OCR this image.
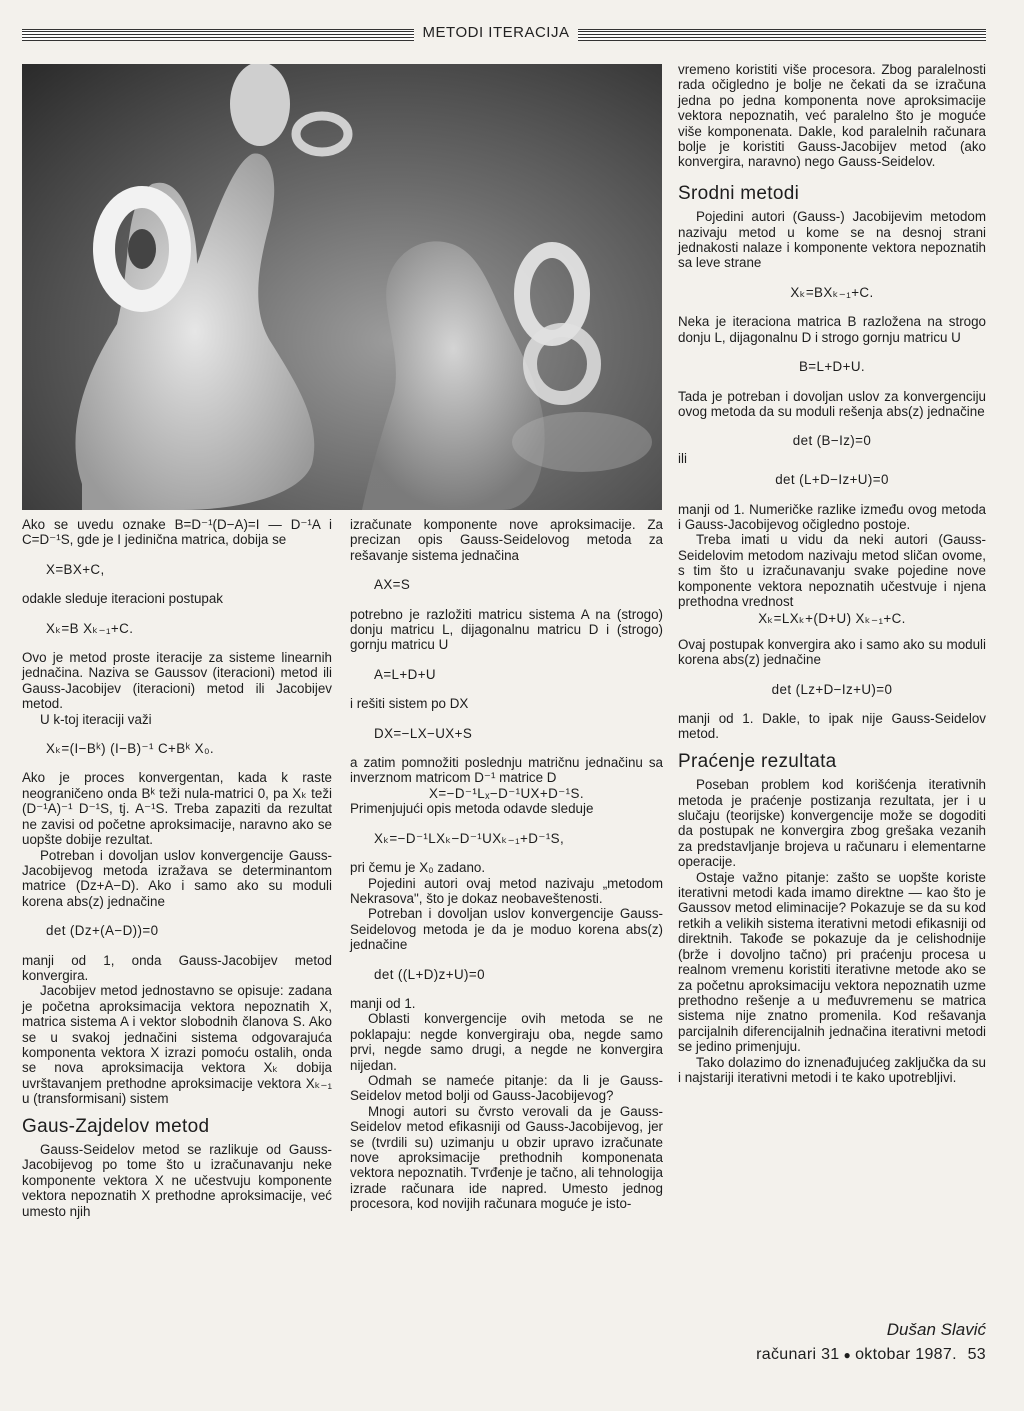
METODI ITERACIJA

Ako se uvedu oznake B=D⁻¹(D−A)=I — D⁻¹A i C=D⁻¹S, gde je I jedinična matrica, dobija se

X=BX+C,

odakle sleduje iteracioni postupak

Xₖ=B Xₖ₋₁+C.

Ovo je metod proste iteracije za sisteme linearnih jednačina. Naziva se Gaussov (iteracioni) metod ili Gauss-Jacobijev (iteracioni) metod ili Jacobijev metod.

U k-toj iteraciji važi

Xₖ=(I−Bᵏ) (I−B)⁻¹ C+Bᵏ X₀.

Ako je proces konvergentan, kada k raste neograničeno onda Bᵏ teži nula-matrici 0, pa Xₖ teži (D⁻¹A)⁻¹ D⁻¹S, tj. A⁻¹S. Treba zapaziti da rezultat ne zavisi od početne aproksimacije, naravno ako se uopšte dobije rezultat.

Potreban i dovoljan uslov konvergencije Gauss-Jacobijevog metoda izražava se determinantom matrice (Dz+A−D). Ako i samo ako su moduli korena abs(z) jednačine

det (Dz+(A−D))=0

manji od 1, onda Gauss-Jacobijev metod konvergira.

Jacobijev metod jednostavno se opisuje: zadana je početna aproksimacija vektora nepoznatih X, matrica sistema A i vektor slobodnih članova S. Ako se u svakoj jednačini sistema odgovarajuća komponenta vektora X izrazi pomoću ostalih, onda se nova aproksimacija vektora Xₖ dobija uvrštavanjem prethodne aproksimacije vektora Xₖ₋₁ u (transformisani) sistem

Gaus-Zajdelov metod

Gauss-Seidelov metod se razlikuje od Gauss-Jacobijevog po tome što u izračunavanju neke komponente vektora X ne učestvuju komponente vektora nepoznatih X prethodne aproksimacije, već umesto njih

izračunate komponente nove aproksimacije. Za precizan opis Gauss-Seidelovog metoda za rešavanje sistema jednačina

AX=S

potrebno je razložiti matricu sistema A na (strogo) donju matricu L, dijagonalnu matricu D i (strogo) gornju matricu U

A=L+D+U

i rešiti sistem po DX

DX=−LX−UX+S

a zatim pomnožiti poslednju matričnu jednačinu sa inverznom matricom D⁻¹ matrice D

X=−D⁻¹Lₓ−D⁻¹UX+D⁻¹S.

Primenjujući opis metoda odavde sleduje

Xₖ=−D⁻¹LXₖ−D⁻¹UXₖ₋₁+D⁻¹S,

pri čemu je X₀ zadano.

Pojedini autori ovaj metod nazivaju „metodom Nekrasova", što je dokaz neobaveštenosti.

Potreban i dovoljan uslov konvergencije Gauss-Seidelovog metoda je da je moduo korena abs(z) jednačine

det ((L+D)z+U)=0

manji od 1.

Oblasti konvergencije ovih metoda se ne poklapaju: negde konvergiraju oba, negde samo prvi, negde samo drugi, a negde ne konvergira nijedan.

Odmah se nameće pitanje: da li je Gauss-Seidelov metod bolji od Gauss-Jacobijevog?

Mnogi autori su čvrsto verovali da je Gauss-Seidelov metod efikasniji od Gauss-Jacobijevog, jer se (tvrdili su) uzimanju u obzir upravo izračunate nove aproksimacije prethodnih komponenata vektora nepoznatih. Tvrđenje je tačno, ali tehnologija izrade računara ide napred. Umesto jednog procesora, kod novijih računara moguće je isto-

vremeno koristiti više procesora. Zbog paralelnosti rada očigledno je bolje ne čekati da se izračuna jedna po jedna komponenta nove aproksimacije vektora nepoznatih, već paralelno što je moguće više komponenata. Dakle, kod paralelnih računara bolje je koristiti Gauss-Jacobijev metod (ako konvergira, naravno) nego Gauss-Seidelov.

Srodni metodi

Pojedini autori (Gauss-) Jacobijevim metodom nazivaju metod u kome se na desnoj strani jednakosti nalaze i komponente vektora nepoznatih sa leve strane

Xₖ=BXₖ₋₁+C.

Neka je iteraciona matrica B razložena na strogo donju L, dijagonalnu D i strogo gornju matricu U

B=L+D+U.

Tada je potreban i dovoljan uslov za konvergenciju ovog metoda da su moduli rešenja abs(z) jednačine

det (B−Iz)=0

ili

det (L+D−Iz+U)=0

manji od 1. Numeričke razlike između ovog metoda i Gauss-Jacobijevog očigledno postoje.

Treba imati u vidu da neki autori (Gauss-Seidelovim metodom nazivaju metod sličan ovome, s tim što u izračunavanju svake pojedine nove komponente vektora nepoznatih učestvuje i njena prethodna vrednost

Xₖ=LXₖ+(D+U) Xₖ₋₁+C.

Ovaj postupak konvergira ako i samo ako su moduli korena abs(z) jednačine

det (Lz+D−Iz+U)=0

manji od 1. Dakle, to ipak nije Gauss-Seidelov metod.

Praćenje rezultata

Poseban problem kod korišćenja iterativnih metoda je praćenje postizanja rezultata, jer i u slučaju (teorijske) konvergencije može se dogoditi da postupak ne konvergira zbog grešaka vezanih za predstavljanje brojeva u računaru i elementarne operacije.

Ostaje važno pitanje: zašto se uopšte koriste iterativni metodi kada imamo direktne — kao što je Gaussov metod eliminacije? Pokazuje se da su kod retkih a velikih sistema iterativni metodi efikasniji od direktnih. Takođe se pokazuje da je celishodnije (brže i dovoljno tačno) pri praćenju procesa u realnom vremenu koristiti iterativne metode ako se za početnu aproksimaciju vektora nepoznatih uzme prethodno rešenje a u međuvremenu se matrica sistema nije znatno promenila. Kod rešavanja parcijalnih diferencijalnih jednačina iterativni metodi se jedino primenjuju.

Tako dolazimo do iznenađujućeg zaključka da su i najstariji iterativni metodi i te kako upotrebljivi.

Dušan Slavić
računari 31 ● oktobar 1987. 53
